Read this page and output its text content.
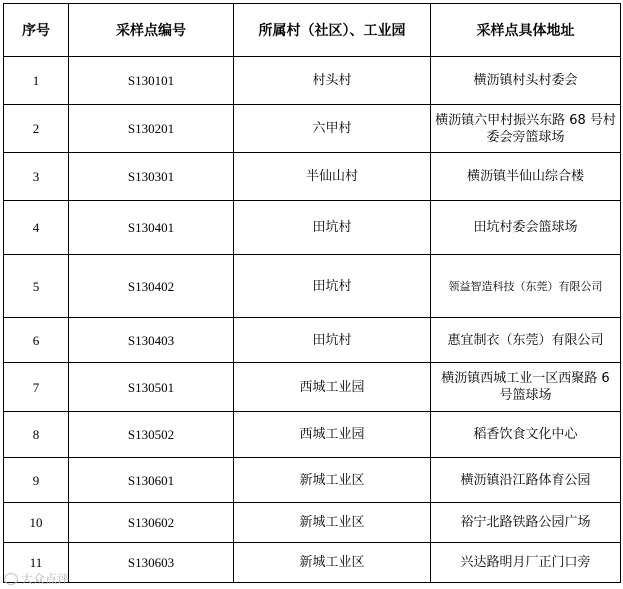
序号	采样点编号	所属村（社区）、工业园	采样点具体地址
1	S130101	村头村	横沥镇村头村委会
2	S130201	六甲村	横沥镇六甲村振兴东路 68 号村委会旁篮球场
3	S130301	半仙山村	横沥镇半仙山综合楼
4	S130401	田坑村	田坑村委会篮球场
5	S130402	田坑村	领益智造科技（东莞）有限公司
6	S130403	田坑村	惠宜制衣（东莞）有限公司
7	S130501	西城工业园	横沥镇西城工业一区西聚路 6 号篮球场
8	S130502	西城工业园	稻香饮食文化中心
9	S130601	新城工业区	横沥镇沿江路体育公园
10	S130602	新城工业区	裕宁北路铁路公园广场
11	S130603	新城工业区	兴达路明月厂正门口旁
大众点评
